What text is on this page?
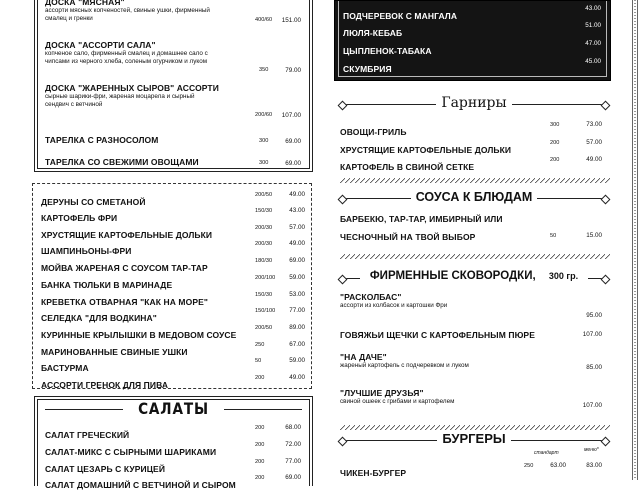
ДОСКА "МЯСНАЯ"
ассорти мясных копченостей, свиные ушки, фирменный
смалец и гренки	400/60 151.00
ДОСКА "АССОРТИ САЛА"
копченое сало, фирменный смалец и домашнее сало с
чипсами из черного хлеба, соленым огурчиком и луком
350	79.00
ДОСКА "ЖАРЕННЫХ СЫРОВ" АССОРТИ
сырные шарики-фри, жареная моцарела и сырный
сендвич с ветчиной
200/60 107.00
ТАРЕЛКА С РАЗНОСОЛОМ	300	69.00
ТАРЕЛКА СО СВЕЖИМИ ОВОЩАМИ	300	69.00
ДЕРУНЫ СО СМЕТАНОЙ
200/50	49.00
КАРТОФЕЛЬ ФРИ
150/30	43.00
ХРУСТЯЩИЕ КАРТОФЕЛЬНЫЕ ДОЛЬКИ
200/30	57.00
ШАМПИНЬОНЫ-ФРИ
200/30	49.00
МОЙВА ЖАРЕНАЯ С СОУСОМ ТАР-ТАР
180/30	69.00
БАНКА ТЮЛЬКИ В МАРИНАДЕ
200/100 59.00
КРЕВЕТКА ОТВАРНАЯ "КАК НА МОРЕ"
150/30	53.00
СЕЛЕДКА "ДЛЯ ВОДКИНА"
150/100 77.00
КУРИННЫЕ КРЫЛЫШКИ В МЕДОВОМ СОУСЕ
200/50	89.00
МАРИНОВАННЫЕ СВИНЫЕ УШКИ
250	67.00
БАСТУРМА
50	59.00
АССОРТИ ГРЕНОК ДЛЯ ПИВА
200	49.00
САЛАТЫ
САЛАТ ГРЕЧЕСКИЙ
200	68.00
САЛАТ-МИКС С СЫРНЫМИ ШАРИКАМИ
200	72.00
САЛАТ ЦЕЗАРЬ С КУРИЦЕЙ
200	77.00
САЛАТ ДОМАШНИЙ С ВЕТЧИНОЙ И СЫРОМ
200	69.00
ПОДЧЕРЕВОК С МАНГАЛА
43.00
ЛЮЛЯ-КЕБАБ
51.00
ЦЫПЛЕНОК-ТАБАКА
47.00
СКУМБРИЯ
45.00
Гарниры
ОВОЩИ-ГРИЛЬ
300	73.00
ХРУСТЯЩИЕ КАРТОФЕЛЬНЫЕ ДОЛЬКИ
200	57.00
КАРТОФЕЛЬ В СВИНОЙ СЕТКЕ
200	49.00
СОУСА К БЛЮДАМ
БАРБЕКЮ, ТАР-ТАР, ИМБИРНЫЙ ИЛИ
ЧЕСНОЧНЫЙ НА ТВОЙ ВЫБОР	50	15.00
ФИРМЕННЫЕ СКОВОРОДКИ, 300 гр.
"РАСКОЛБАС"
ассорти из колбасок и картошки Фри
95.00
ГОВЯЖЬИ ЩЕЧКИ С КАРТОФЕЛЬНЫМ ПЮРЕ	107.00
"НА ДАЧЕ"
жареный картофель с подчеревком и луком	85.00
"ЛУЧШИЕ ДРУЗЬЯ"
свиной ошеек с грибами и картофелем
107.00
БУРГЕРЫ
стандарт	меню*
ЧИКЕН-БУРГЕР
250	63.00	83.00
